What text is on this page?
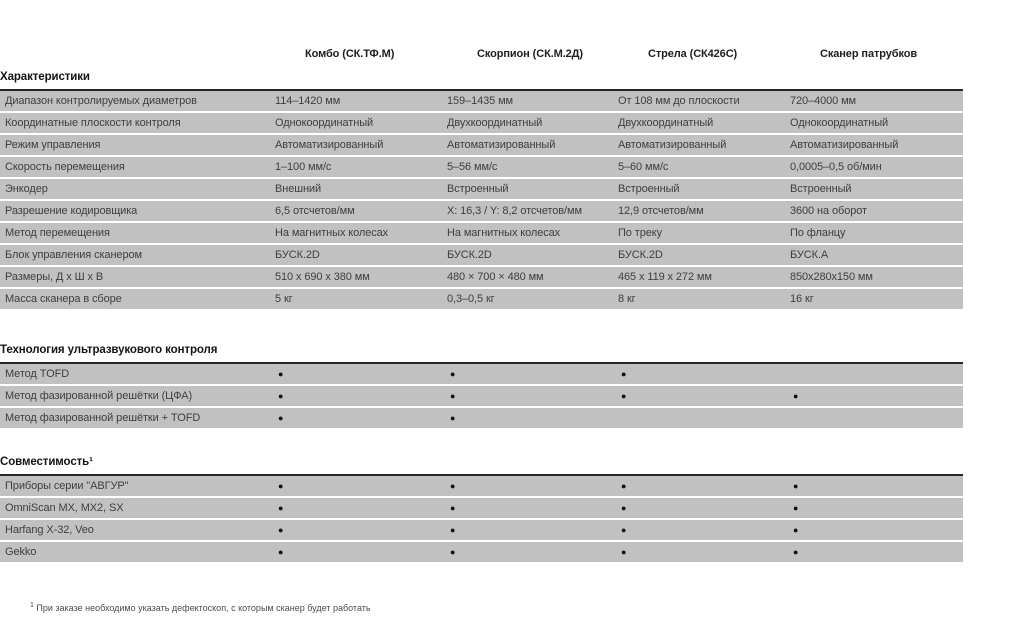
Комбо (СК.ТФ.М)	Скорпион (СК.М.2Д)	Стрела (СК426С)	Сканер патрубков
Характеристики
Диапазон контролируемых диаметров	114–1420 мм	159–1435 мм	От 108 мм до плоскости	720–4000 мм
Координатные плоскости контроля	Однокоординатный	Двухкоординатный	Двухкоординатный	Однокоординатный
Режим управления	Автоматизированный	Автоматизированный	Автоматизированный	Автоматизированный
Скорость перемещения	1–100 мм/с	5–56 мм/с	5–60 мм/с	0,0005–0,5 об/мин
Энкодер	Внешний	Встроенный	Встроенный	Встроенный
Разрешение кодировщика	6,5 отсчетов/мм	X: 16,3 / Y: 8,2 отсчетов/мм	12,9 отсчетов/мм	3600 на оборот
Метод перемещения	На магнитных колесах	На магнитных колесах	По треку	По фланцу
Блок управления сканером	БУСК.2D	БУСК.2D	БУСК.2D	БУСК.А
Размеры, Д х Ш х В	510 x 690 x 380 мм	480 × 700 × 480 мм	465 x 119 x 272 мм	850x280x150 мм
Масса сканера в сборе	5 кг	0,3–0,5 кг	8 кг	16 кг
Технология ультразвукового контроля
Метод TOFD	●	●	●
Метод фазированной решётки (ЦФА)	●	●	●	●
Метод фазированной решётки + TOFD	●	●
Совместимость¹
Приборы серии "АВГУР"	●	●	●	●
OmniScan MX, MX2, SX	●	●	●	●
Harfang X-32, Veo	●	●	●	●
Gekko	●	●	●	●

$^1$ При заказе необходимо указать дефектоскоп, с которым сканер будет работать
